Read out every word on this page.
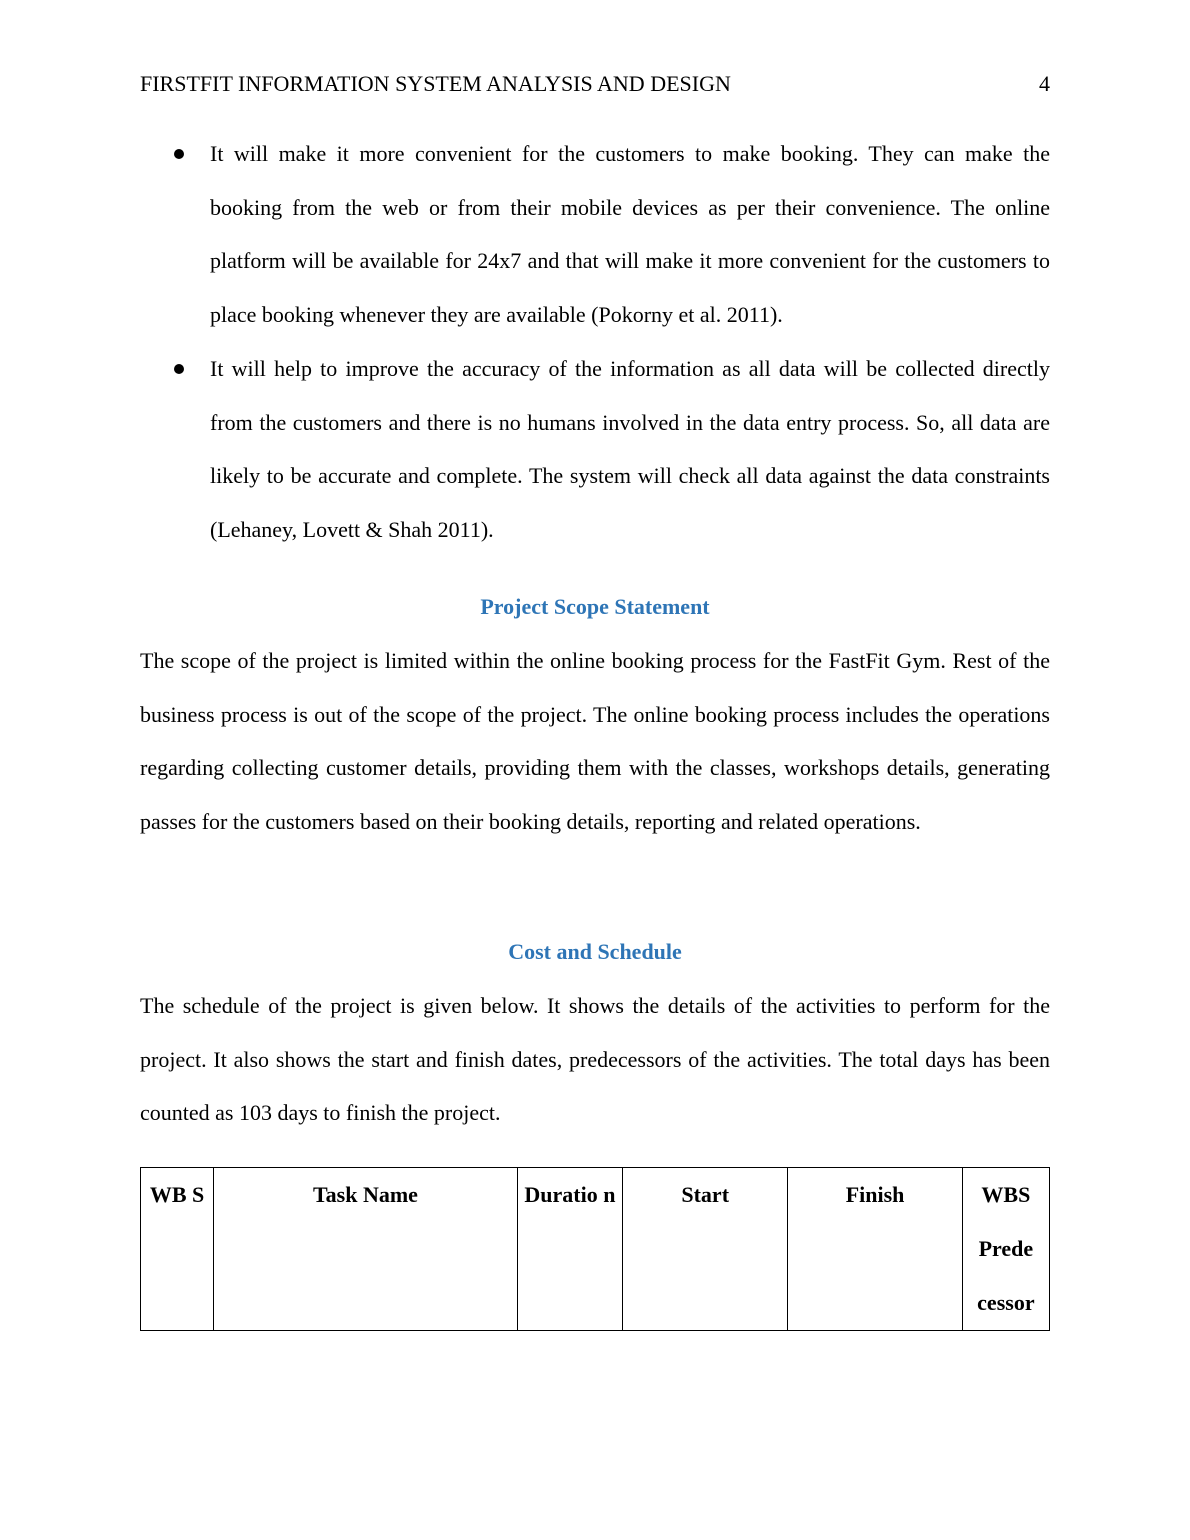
FIRSTFIT INFORMATION SYSTEM ANALYSIS AND DESIGN	4
It will make it more convenient for the customers to make booking. They can make the booking from the web or from their mobile devices as per their convenience. The online platform will be available for 24x7 and that will make it more convenient for the customers to place booking whenever they are available (Pokorny et al. 2011).
It will help to improve the accuracy of the information as all data will be collected directly from the customers and there is no humans involved in the data entry process. So, all data are likely to be accurate and complete. The system will check all data against the data constraints (Lehaney, Lovett & Shah 2011).
Project Scope Statement

The scope of the project is limited within the online booking process for the FastFit Gym. Rest of the business process is out of the scope of the project. The online booking process includes the operations regarding collecting customer details, providing them with the classes, workshops details, generating passes for the customers based on their booking details, reporting and related operations.

Cost and Schedule

The schedule of the project is given below. It shows the details of the activities to perform for the project. It also shows the start and finish dates, predecessors of the activities. The total days has been counted as 103 days to finish the project.

WB S	Task Name	Duratio n	Start	Finish	WBS Prede cessor
